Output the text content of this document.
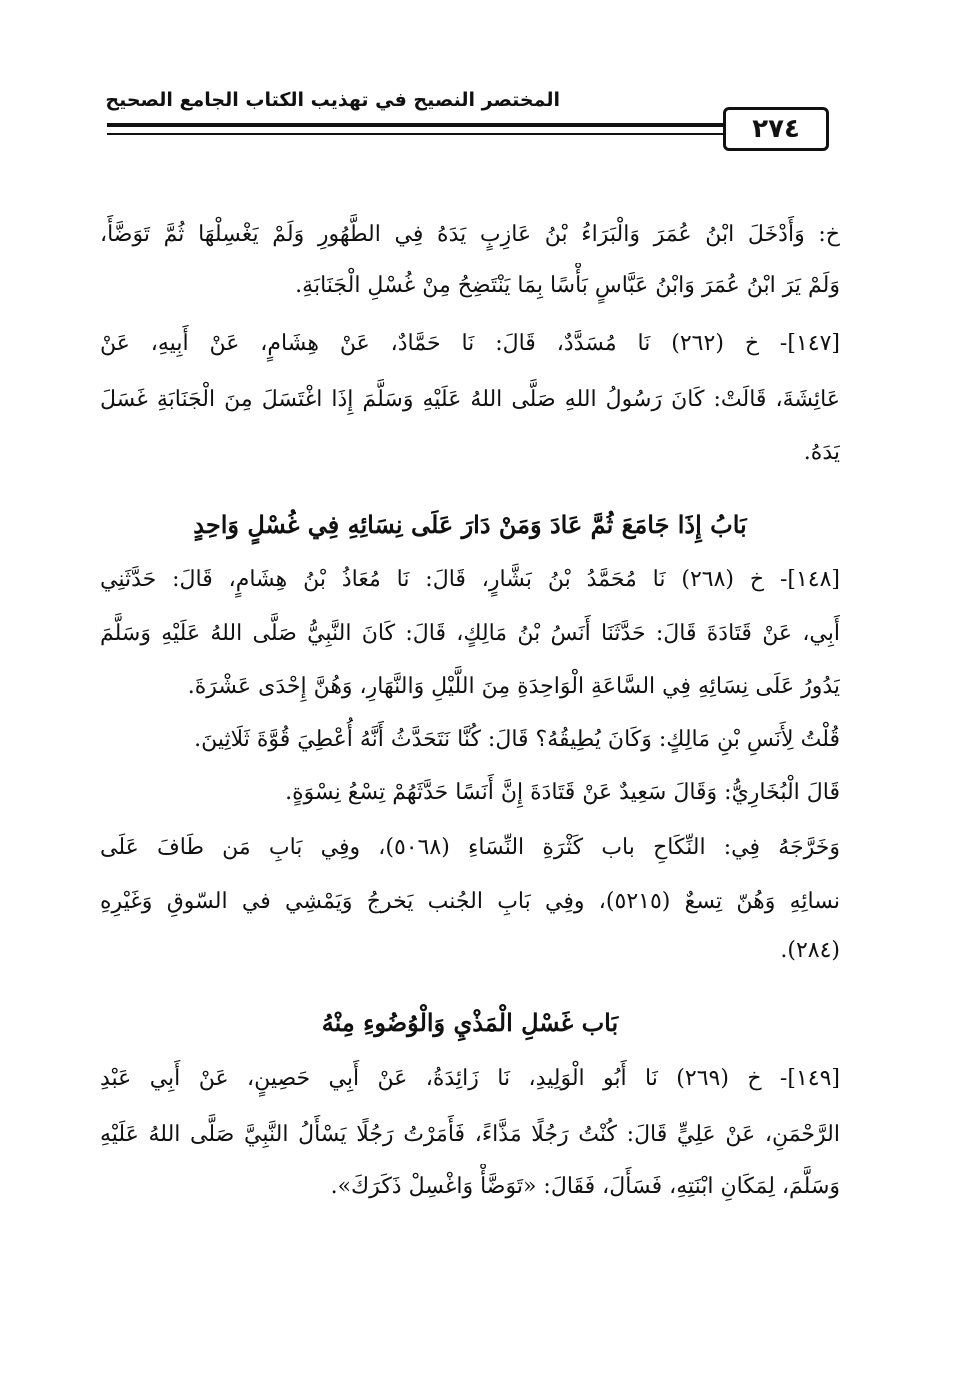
المختصر النصيح في تهذيب الكتاب الجامع الصحيح
٢٧٤
خ: وَأَدْخَلَ ابْنُ عُمَرَ وَالْبَرَاءُ بْنُ عَازِبٍ يَدَهُ فِي الطَّهُورِ وَلَمْ يَغْسِلْهَا ثُمَّ تَوَضَّأَ،
وَلَمْ يَرَ ابْنُ عُمَرَ وَابْنُ عَبَّاسٍ بَأْسًا بِمَا يَنْتَضِحُ مِنْ غُسْلِ الْجَنَابَةِ.
[١٤٧]- خ (٢٦٢) نَا مُسَدَّدٌ، قَالَ: نَا حَمَّادٌ، عَنْ هِشَامٍ، عَنْ أَبِيهِ، عَنْ
عَائِشَةَ، قَالَتْ: كَانَ رَسُولُ اللهِ صَلَّى اللهُ عَلَيْهِ وَسَلَّمَ إِذَا اغْتَسَلَ مِنَ الْجَنَابَةِ غَسَلَ
يَدَهُ.
بَابُ إِذَا جَامَعَ ثُمَّ عَادَ وَمَنْ دَارَ عَلَى نِسَائِهِ فِي غُسْلٍ وَاحِدٍ
[١٤٨]- خ (٢٦٨) نَا مُحَمَّدُ بْنُ بَشَّارٍ، قَالَ: نَا مُعَاذُ بْنُ هِشَامٍ، قَالَ: حَدَّثَنِي
أَبِي، عَنْ قَتَادَةَ قَالَ: حَدَّثَنَا أَنَسُ بْنُ مَالِكٍ، قَالَ: كَانَ النَّبِيُّ صَلَّى اللهُ عَلَيْهِ وَسَلَّمَ
يَدُورُ عَلَى نِسَائِهِ فِي السَّاعَةِ الْوَاحِدَةِ مِنَ اللَّيْلِ وَالنَّهَارِ، وَهُنَّ إِحْدَى عَشْرَةَ.
قُلْتُ لِأَنَسِ بْنِ مَالِكٍ: وَكَانَ يُطِيقُهُ؟ قَالَ: كُنَّا نَتَحَدَّثُ أَنَّهُ أُعْطِيَ قُوَّةَ ثَلَاثِينَ.
قَالَ الْبُخَارِيُّ: وَقَالَ سَعِيدٌ عَنْ قَتَادَةَ إِنَّ أَنَسًا حَدَّثَهُمْ تِسْعُ نِسْوَةٍ.
وَخَرَّجَهُ فِي: النِّكَاحِ باب كَثْرَةِ النِّسَاءِ (٥٠٦٨)، وفِي بَابِ مَن طَافَ عَلَى
نسائِهِ وَهُنّ تِسعٌ (٥٢١٥)، وفِي بَابِ الجُنب يَخرجُ وَيَمْشِي في السّوقِ وَغَيْرِهِ
(٢٨٤).
بَاب غَسْلِ الْمَذْيِ وَالْوُضُوءِ مِنْهُ
[١٤٩]- خ (٢٦٩) نَا أَبُو الْوَلِيدِ، نَا زَائِدَةُ، عَنْ أَبِي حَصِينٍ، عَنْ أَبِي عَبْدِ
الرَّحْمَنِ، عَنْ عَلِيٍّ قَالَ: كُنْتُ رَجُلًا مَذَّاءً، فَأَمَرْتُ رَجُلًا يَسْأَلُ النَّبِيَّ صَلَّى اللهُ عَلَيْهِ
وَسَلَّمَ، لِمَكَانِ ابْنَتِهِ، فَسَأَلَ، فَقَالَ: «تَوَضَّأْ وَاغْسِلْ ذَكَرَكَ».
